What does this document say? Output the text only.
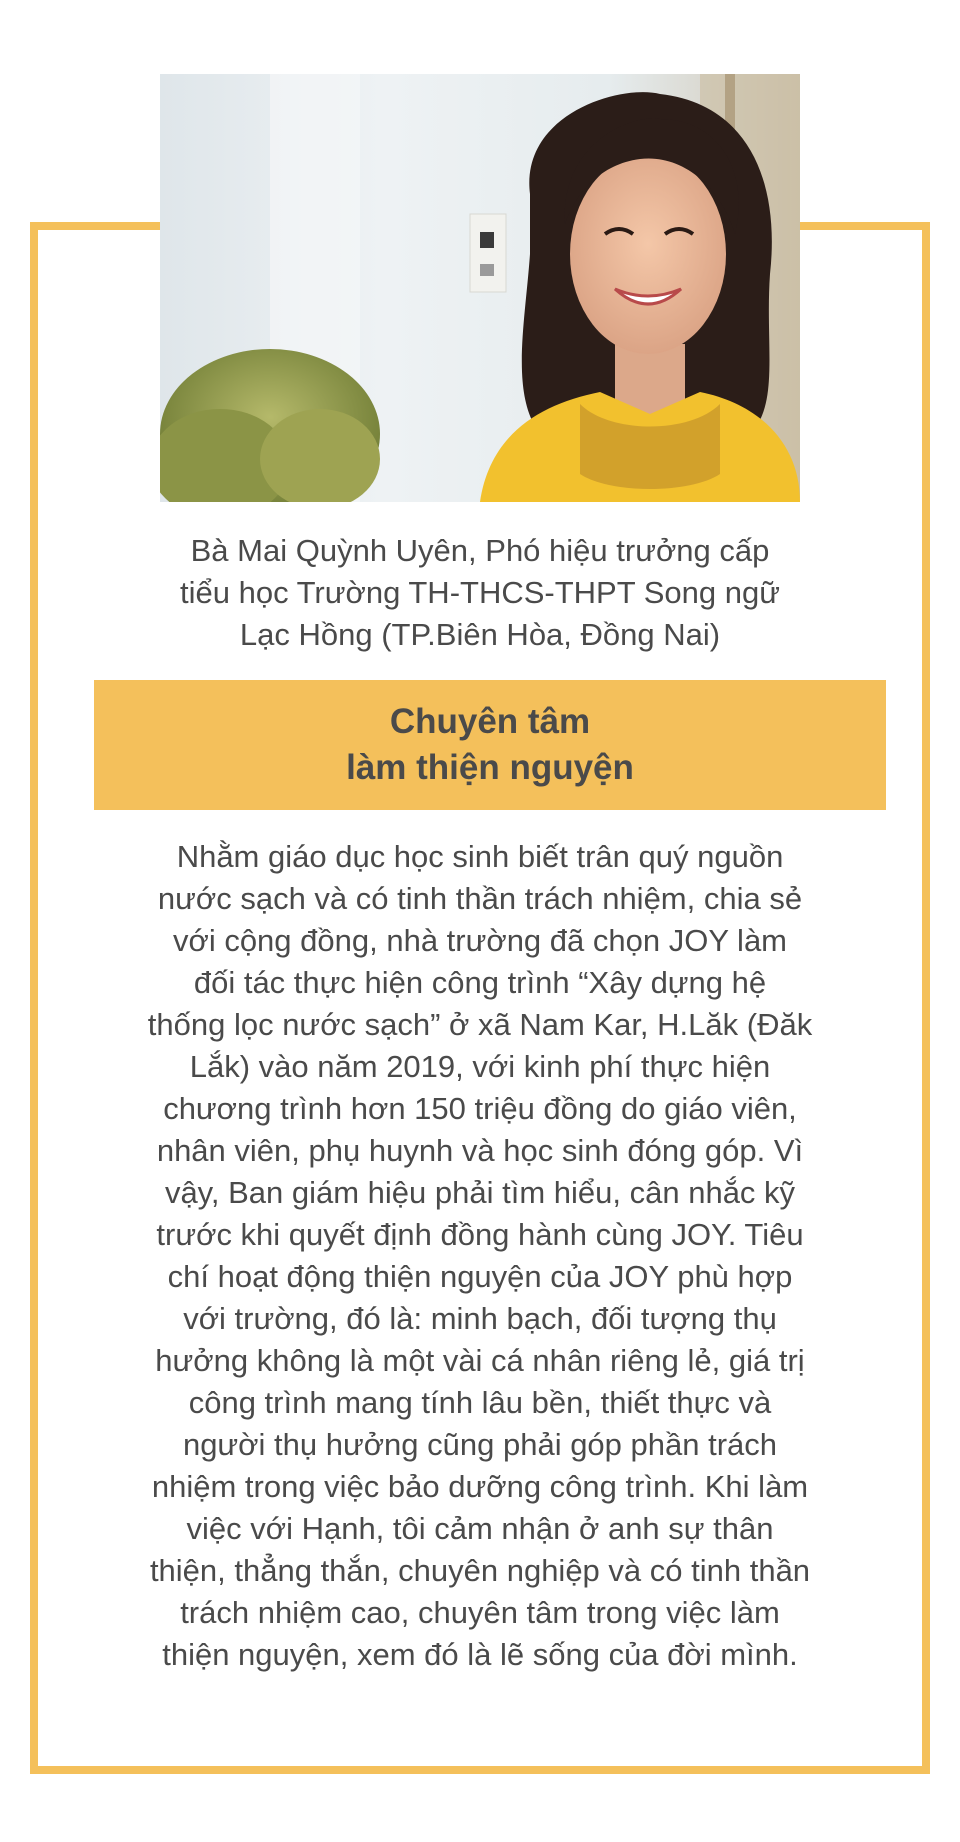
Bà Mai Quỳnh Uyên, Phó hiệu trưởng cấp
tiểu học Trường TH-THCS-THPT Song ngữ
Lạc Hồng (TP.Biên Hòa, Đồng Nai)
Chuyên tâm
làm thiện nguyện
Nhằm giáo dục học sinh biết trân quý nguồn
nước sạch và có tinh thần trách nhiệm, chia sẻ
với cộng đồng, nhà trường đã chọn JOY làm
đối tác thực hiện công trình “Xây dựng hệ
thống lọc nước sạch” ở xã Nam Kar, H.Lăk (Đăk
Lắk) vào năm 2019, với kinh phí thực hiện
chương trình hơn 150 triệu đồng do giáo viên,
nhân viên, phụ huynh và học sinh đóng góp. Vì
vậy, Ban giám hiệu phải tìm hiểu, cân nhắc kỹ
trước khi quyết định đồng hành cùng JOY. Tiêu
chí hoạt động thiện nguyện của JOY phù hợp
với trường, đó là: minh bạch, đối tượng thụ
hưởng không là một vài cá nhân riêng lẻ, giá trị
công trình mang tính lâu bền, thiết thực và
người thụ hưởng cũng phải góp phần trách
nhiệm trong việc bảo dưỡng công trình. Khi làm
việc với Hạnh, tôi cảm nhận ở anh sự thân
thiện, thẳng thắn, chuyên nghiệp và có tinh thần
trách nhiệm cao, chuyên tâm trong việc làm
thiện nguyện, xem đó là lẽ sống của đời mình.
